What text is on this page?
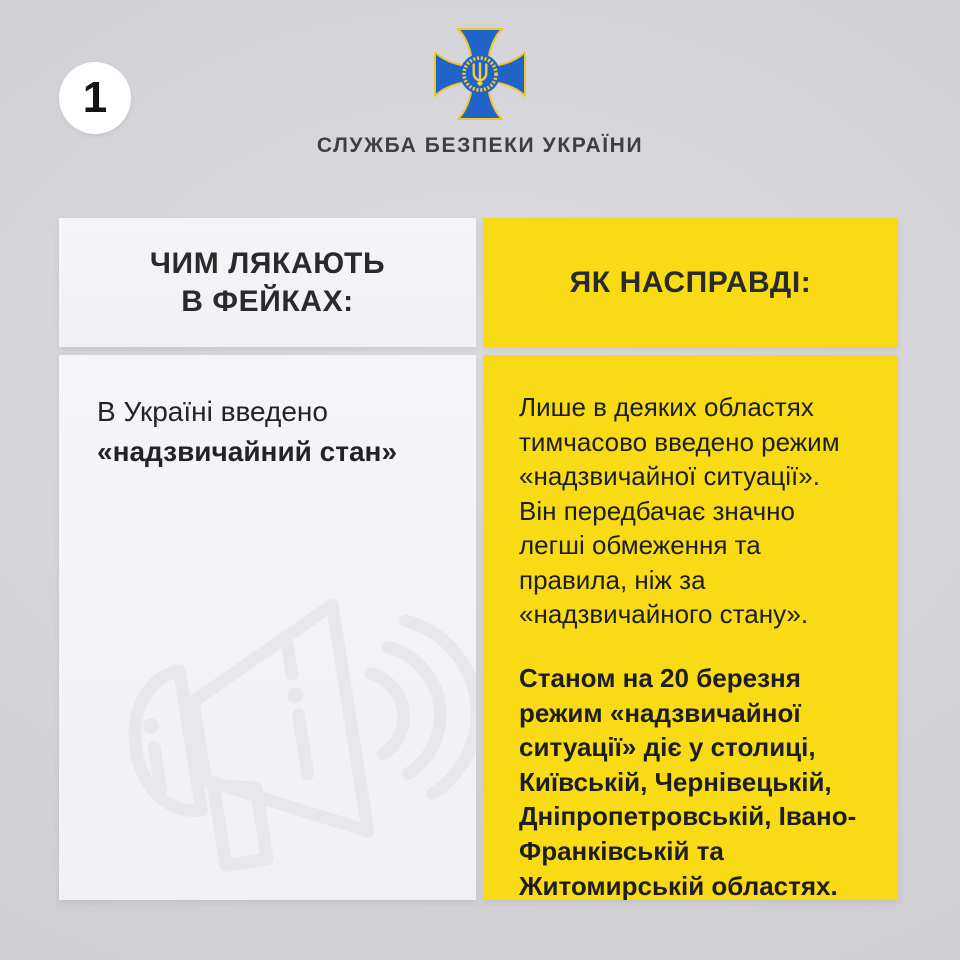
1
СЛУЖБА БЕЗПЕКИ УКРАЇНИ
ЧИМ ЛЯКАЮТЬ
В ФЕЙКАХ:
В Україні введено
«надзвичайний стан»
ЯК НАСПРАВДІ:

Лише в деяких областях тимчасово введено режим «надзвичайної ситуації». Він передбачає значно легші обмеження та правила, ніж за «надзвичайного стану».

Станом на 20 березня режим «надзвичайної ситуації» діє у столиці, Київській, Чернівецькій, Дніпропетровській, Івано-Франківській та Житомирській областях.
